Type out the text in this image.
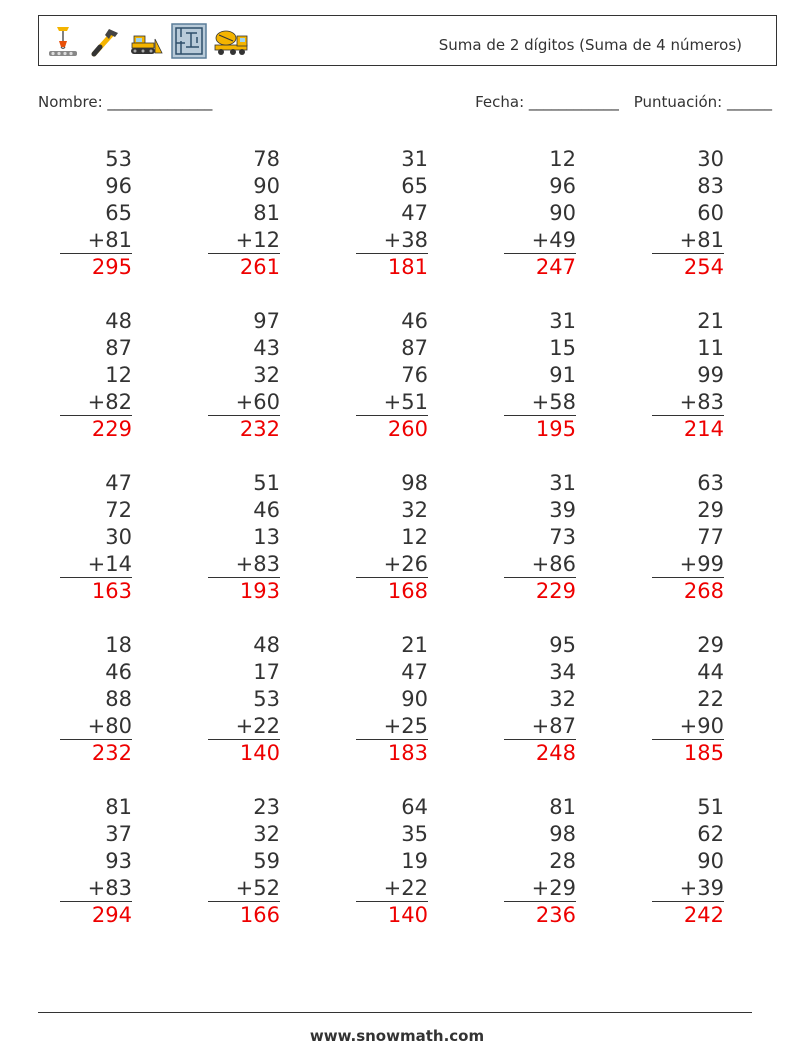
Suma de 2 dígitos (Suma de 4 números)
Nombre: ______________	Fecha: ____________ Puntuación: ______
53
96
65
+81
295
78
90
81
+12
261
31
65
47
+38
181
12
96
90
+49
247
30
83
60
+81
254
48
87
12
+82
229
97
43
32
+60
232
46
87
76
+51
260
31
15
91
+58
195
21
11
99
+83
214
47
72
30
+14
163
51
46
13
+83
193
98
32
12
+26
168
31
39
73
+86
229
63
29
77
+99
268
18
46
88
+80
232
48
17
53
+22
140
21
47
90
+25
183
95
34
32
+87
248
29
44
22
+90
185
81
37
93
+83
294
23
32
59
+52
166
64
35
19
+22
140
81
98
28
+29
236
51
62
90
+39
242
www.snowmath.com
